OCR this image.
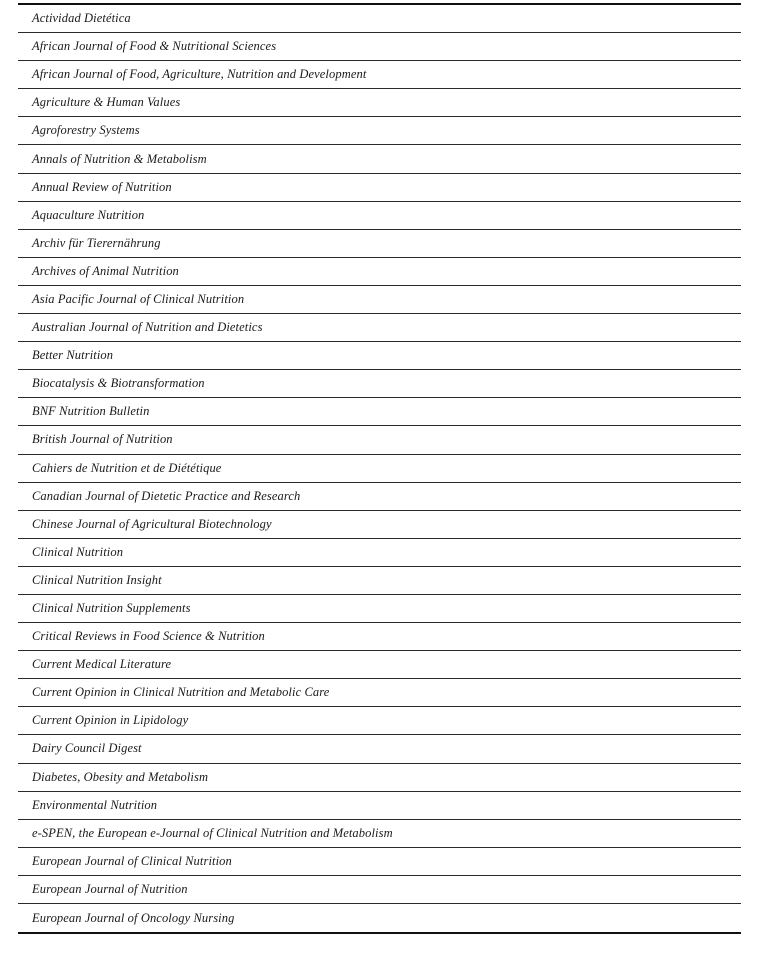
Actividad Dietética
African Journal of Food & Nutritional Sciences
African Journal of Food, Agriculture, Nutrition and Development
Agriculture & Human Values
Agroforestry Systems
Annals of Nutrition & Metabolism
Annual Review of Nutrition
Aquaculture Nutrition
Archiv für Tierernährung
Archives of Animal Nutrition
Asia Pacific Journal of Clinical Nutrition
Australian Journal of Nutrition and Dietetics
Better Nutrition
Biocatalysis & Biotransformation
BNF Nutrition Bulletin
British Journal of Nutrition
Cahiers de Nutrition et de Diététique
Canadian Journal of Dietetic Practice and Research
Chinese Journal of Agricultural Biotechnology
Clinical Nutrition
Clinical Nutrition Insight
Clinical Nutrition Supplements
Critical Reviews in Food Science & Nutrition
Current Medical Literature
Current Opinion in Clinical Nutrition and Metabolic Care
Current Opinion in Lipidology
Dairy Council Digest
Diabetes, Obesity and Metabolism
Environmental Nutrition
e-SPEN, the European e-Journal of Clinical Nutrition and Metabolism
European Journal of Clinical Nutrition
European Journal of Nutrition
European Journal of Oncology Nursing
